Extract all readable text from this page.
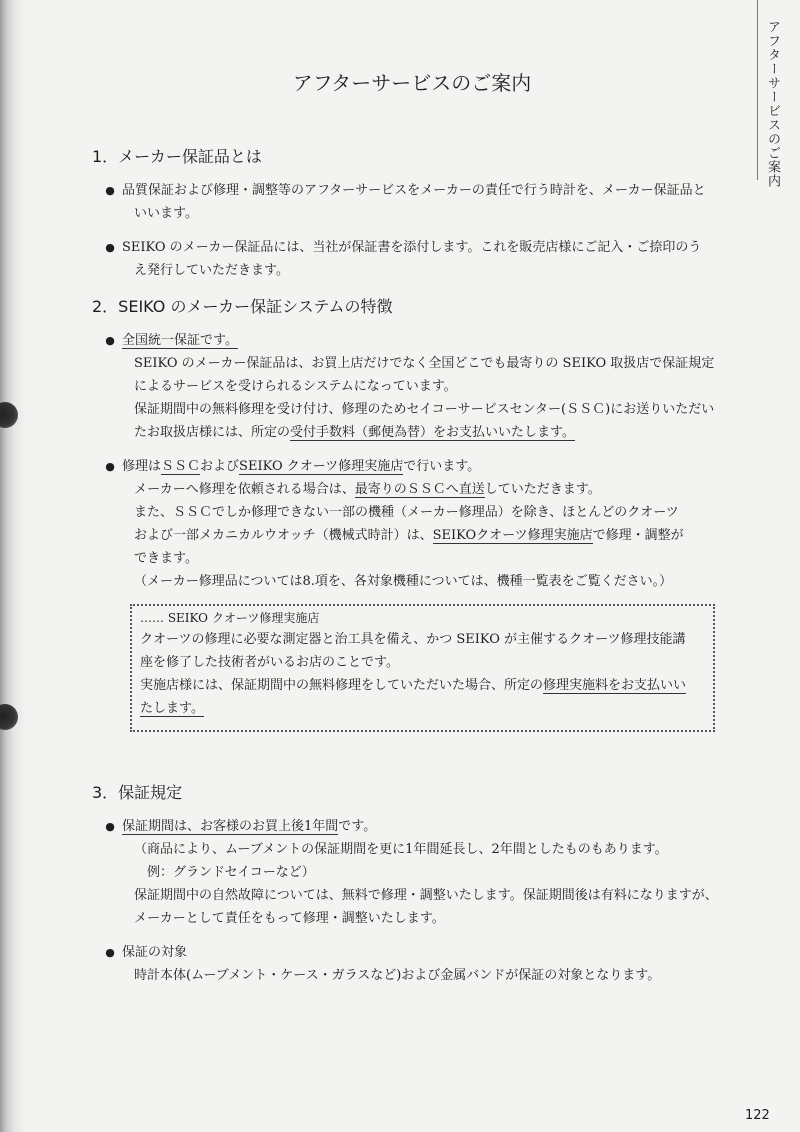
アフターサービスのご案内
アフターサービスのご案内
1．メーカー保証品とは
● 品質保証および修理・調整等のアフターサービスをメーカーの責任で行う時計を、メーカー保証品と
いいます。
● SEIKO のメーカー保証品には、当社が保証書を添付します。これを販売店様にご記入・ご捺印のう
え発行していただきます。
2．SEIKO のメーカー保証システムの特徴
● 全国統一保証です。
SEIKO のメーカー保証品は、お買上店だけでなく全国どこでも最寄りの SEIKO 取扱店で保証規定
によるサービスを受けられるシステムになっています。
保証期間中の無料修理を受け付け、修理のためセイコーサービスセンター(ＳＳＣ)にお送りいただい
たお取扱店様には、所定の受付手数料（郵便為替）をお支払いいたします。
● 修理はＳＳＣおよびSEIKO クオーツ修理実施店で行います。
メーカーへ修理を依頼される場合は、最寄りのＳＳＣへ直送していただきます。
また、ＳＳＣでしか修理できない一部の機種（メーカー修理品）を除き、ほとんどのクオーツ
および一部メカニカルウオッチ（機械式時計）は、SEIKOクオーツ修理実施店で修理・調整が
できます。
（メーカー修理品については8.項を、各対象機種については、機種一覧表をご覧ください。）
…… SEIKO クオーツ修理実施店
クオーツの修理に必要な測定器と治工具を備え、かつ SEIKO が主催するクオーツ修理技能講
座を修了した技術者がいるお店のことです。
実施店様には、保証期間中の無料修理をしていただいた場合、所定の修理実施料をお支払いい
たします。
3．保証規定
● 保証期間は、お客様のお買上後1年間です。
（商品により、ムーブメントの保証期間を更に1年間延長し、2年間としたものもあります。
　例：グランドセイコーなど）
保証期間中の自然故障については、無料で修理・調整いたします。保証期間後は有料になりますが、
メーカーとして責任をもって修理・調整いたします。
● 保証の対象
時計本体(ムーブメント・ケース・ガラスなど)および金属バンドが保証の対象となります。
122
